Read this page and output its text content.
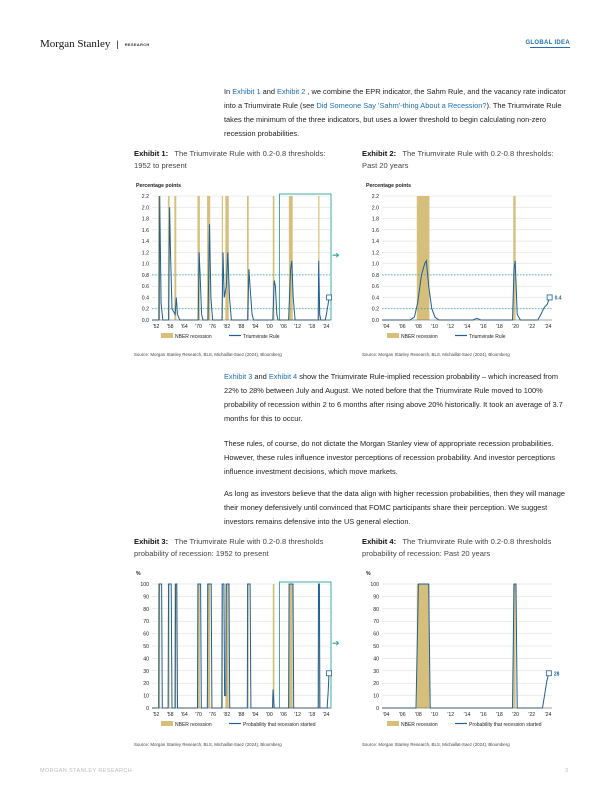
Morgan Stanley | RESEARCH	GLOBAL IDEA
In Exhibit 1 and Exhibit 2 , we combine the EPR indicator, the Sahm Rule, and the vacancy rate indicator into a Triumvirate Rule (see Did Someone Say 'Sahm'-thing About a Recession?). The Triumvirate Rule takes the minimum of the three indicators, but uses a lower threshold to begin calculating non-zero recession probabilities.
Exhibit 1: The Triumvirate Rule with 0.2-0.8 thresholds: 1952 to present
Exhibit 2: The Triumvirate Rule with 0.2-0.8 thresholds: Past 20 years
Percentage points
2.2
2.0
1.8
1.6
1.4
1.2
1.0
0.8
0.6
0.4
0.2
0.0
'52 '58 '64 '70 '76 '82 '88 '94 '00 '06 '12 '18 '24
NBER recession	Triumvirate Rule
➔
Percentage points
2.2
2.0
1.8
1.6
1.4
1.2
1.0
0.8
0.6
0.4
0.2
0.0
0.4
'04 '06 '08 '10 '12 '14 '16 '18 '20 '22 '24
NBER recession	Triumvirate Rule
Source: Morgan Stanley Research, BLS, Michaillat-Saez (2024), Bloomberg	Source: Morgan Stanley Research, BLS, Michaillat-Saez (2024), Bloomberg
Exhibit 3 and Exhibit 4 show the Triumvirate Rule-implied recession probability – which increased from 22% to 28% between July and August. We noted before that the Triumvirate Rule moved to 100% probability of recession within 2 to 6 months after rising above 20% historically. It took an average of 3.7 months for this to occur.
These rules, of course, do not dictate the Morgan Stanley view of appropriate recession probabilities. However, these rules influence investor perceptions of recession probability. And investor perceptions influence investment decisions, which move markets.
As long as investors believe that the data align with higher recession probabilities, then they will manage their money defensively until convinced that FOMC participants share their perception. We suggest investors remains defensive into the US general election.
Exhibit 3: The Triumvirate Rule with 0.2-0.8 thresholds probability of recession: 1952 to present
Exhibit 4: The Triumvirate Rule with 0.2-0.8 thresholds probability of recession: Past 20 years
%
100
90
80
70
60
50
40
30
20
10
0
'52 '58 '64 '70 '76 '82 '88 '94 '00 '06 '12 '18 '24
NBER recession	Probability that recession started
➔
%
100
90
80
70
60
50
40
30
20
10
0
28
'04 '06 '08 '10 '12 '14 '16 '18 '20 '22 '24
NBER recession	Probability that recession started
Source: Morgan Stanley Research, BLS, Michaillat-Saez (2024), Bloomberg	Source: Morgan Stanley Research, BLS, Michaillat-Saez (2024), Bloomberg
MORGAN STANLEY RESEARCH	3
